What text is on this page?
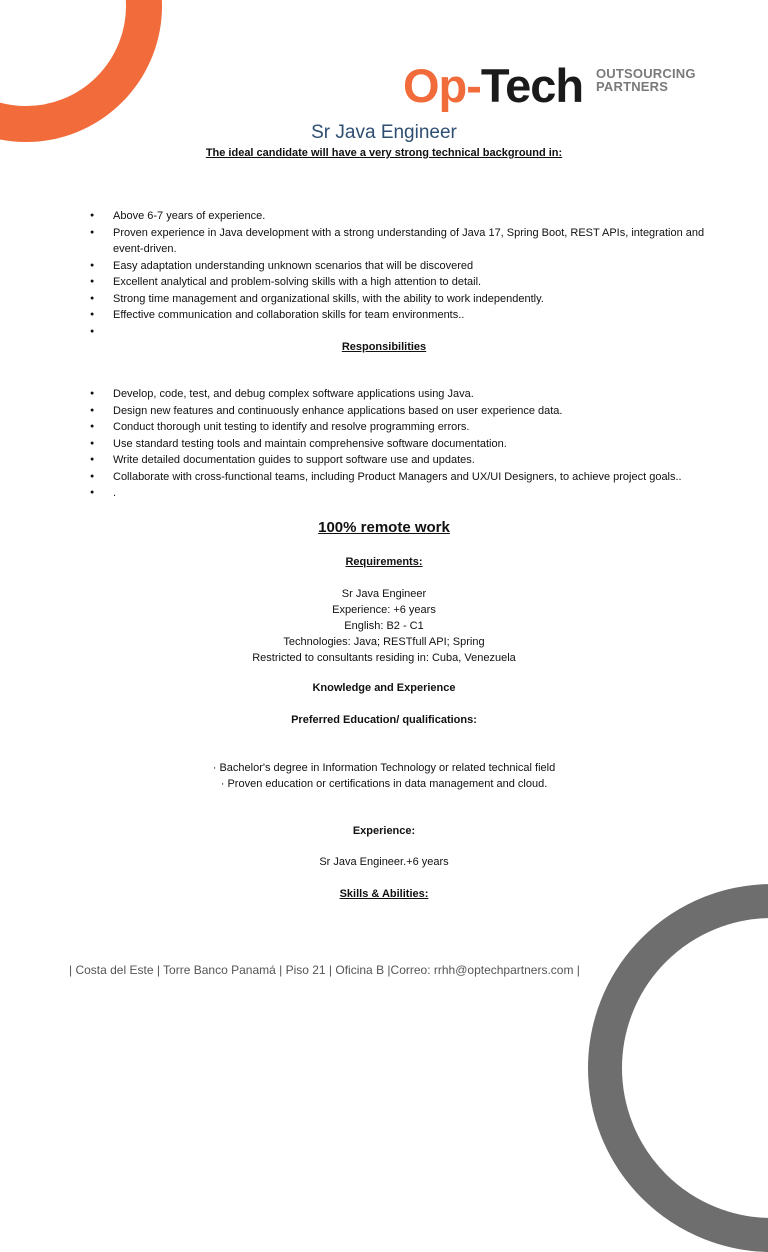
Op-Tech OUTSOURCING
PARTNERS
Sr Java Engineer
The ideal candidate will have a very strong technical background in:
● Above 6-7 years of experience.
● Proven experience in Java development with a strong understanding of Java 17, Spring Boot, REST APIs, integration and event-driven.
● Easy adaptation understanding unknown scenarios that will be discovered
● Excellent analytical and problem-solving skills with a high attention to detail.
● Strong time management and organizational skills, with the ability to work independently.
● Effective communication and collaboration skills for team environments..
●
Responsibilities
● Develop, code, test, and debug complex software applications using Java.
● Design new features and continuously enhance applications based on user experience data.
● Conduct thorough unit testing to identify and resolve programming errors.
● Use standard testing tools and maintain comprehensive software documentation.
● Write detailed documentation guides to support software use and updates.
● Collaborate with cross-functional teams, including Product Managers and UX/UI Designers, to achieve project goals..
● .
100% remote work
Requirements:
Sr Java Engineer
Experience: +6 years
English: B2 - C1
Technologies: Java; RESTfull API; Spring
Restricted to consultants residing in: Cuba, Venezuela
Knowledge and Experience
Preferred Education/ qualifications:
· Bachelor's degree in Information Technology or related technical field
· Proven education or certifications in data management and cloud.
Experience:
Sr Java Engineer.+6 years
Skills & Abilities:
| Costa del Este | Torre Banco Panamá | Piso 21 | Oficina B |Correo: rrhh@optechpartners.com |
